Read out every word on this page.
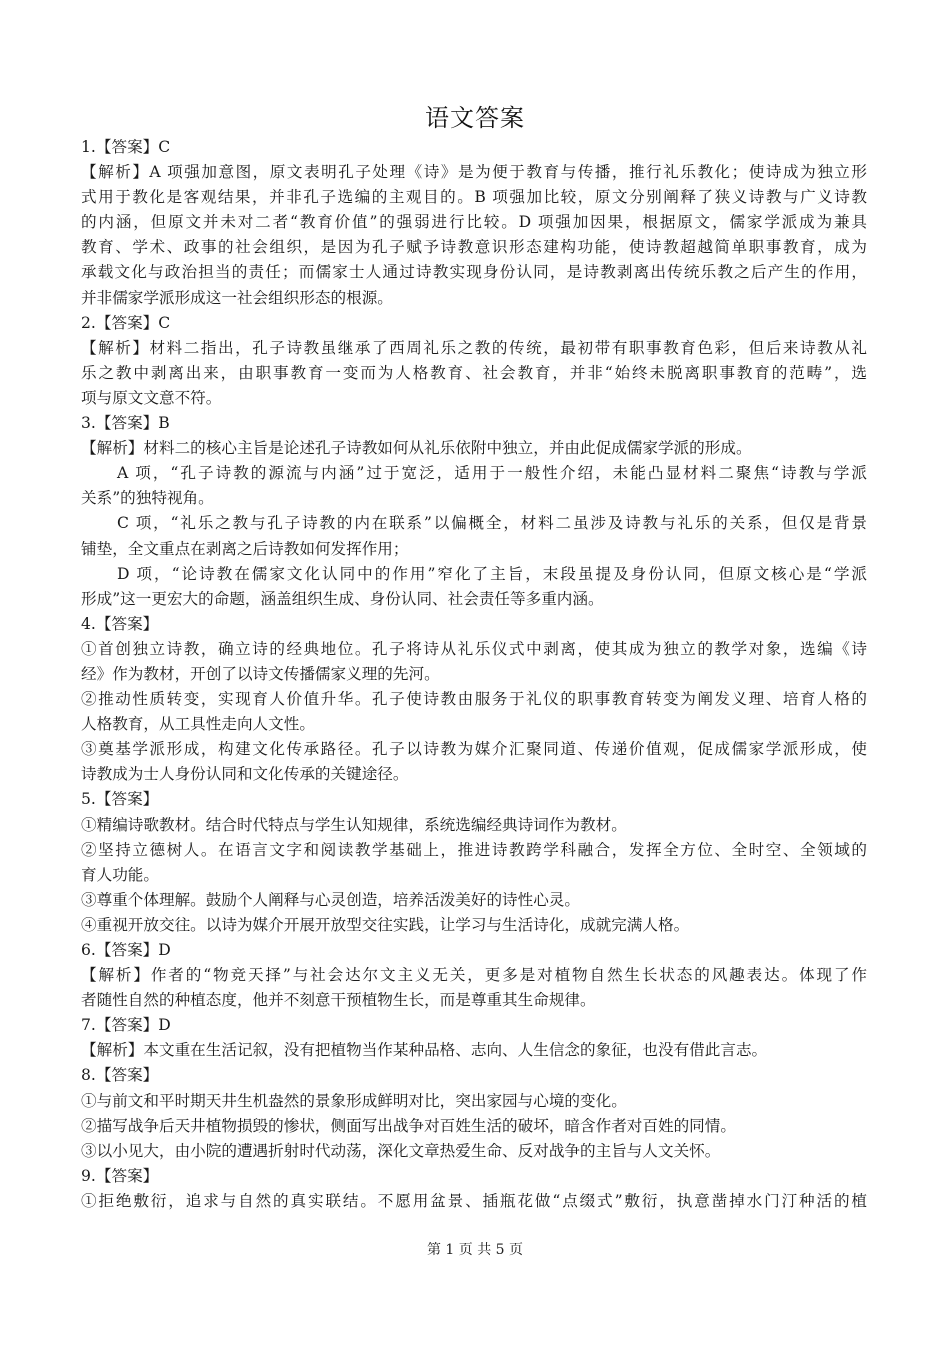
语文答案
1.【答案】C
【解析】A 项强加意图，原文表明孔子处理《诗》是为便于教育与传播，推行礼乐教化；使诗成为独立形
式用于教化是客观结果，并非孔子选编的主观目的。B 项强加比较，原文分别阐释了狭义诗教与广义诗教
的内涵，但原文并未对二者“教育价值”的强弱进行比较。D 项强加因果，根据原文，儒家学派成为兼具
教育、学术、政事的社会组织，是因为孔子赋予诗教意识形态建构功能，使诗教超越简单职事教育，成为
承载文化与政治担当的责任；而儒家士人通过诗教实现身份认同，是诗教剥离出传统乐教之后产生的作用，
并非儒家学派形成这一社会组织形态的根源。
2.【答案】C
【解析】材料二指出，孔子诗教虽继承了西周礼乐之教的传统，最初带有职事教育色彩，但后来诗教从礼
乐之教中剥离出来，由职事教育一变而为人格教育、社会教育，并非“始终未脱离职事教育的范畴”，选
项与原文文意不符。
3.【答案】B
【解析】材料二的核心主旨是论述孔子诗教如何从礼乐依附中独立，并由此促成儒家学派的形成。
A 项，“孔子诗教的源流与内涵”过于宽泛，适用于一般性介绍，未能凸显材料二聚焦“诗教与学派
关系”的独特视角。
C 项，“礼乐之教与孔子诗教的内在联系”以偏概全，材料二虽涉及诗教与礼乐的关系，但仅是背景
铺垫，全文重点在剥离之后诗教如何发挥作用；
D 项，“论诗教在儒家文化认同中的作用”窄化了主旨，末段虽提及身份认同，但原文核心是“学派
形成”这一更宏大的命题，涵盖组织生成、身份认同、社会责任等多重内涵。
4.【答案】
①首创独立诗教，确立诗的经典地位。孔子将诗从礼乐仪式中剥离，使其成为独立的教学对象，选编《诗
经》作为教材，开创了以诗文传播儒家义理的先河。
②推动性质转变，实现育人价值升华。孔子使诗教由服务于礼仪的职事教育转变为阐发义理、培育人格的
人格教育，从工具性走向人文性。
③奠基学派形成，构建文化传承路径。孔子以诗教为媒介汇聚同道、传递价值观，促成儒家学派形成，使
诗教成为士人身份认同和文化传承的关键途径。
5.【答案】
①精编诗歌教材。结合时代特点与学生认知规律，系统选编经典诗词作为教材。
②坚持立德树人。在语言文字和阅读教学基础上，推进诗教跨学科融合，发挥全方位、全时空、全领域的
育人功能。
③尊重个体理解。鼓励个人阐释与心灵创造，培养活泼美好的诗性心灵。
④重视开放交往。以诗为媒介开展开放型交往实践，让学习与生活诗化，成就完满人格。
6.【答案】D
【解析】作者的“物竞天择”与社会达尔文主义无关，更多是对植物自然生长状态的风趣表达。体现了作
者随性自然的种植态度，他并不刻意干预植物生长，而是尊重其生命规律。
7.【答案】D
【解析】本文重在生活记叙，没有把植物当作某种品格、志向、人生信念的象征，也没有借此言志。
8.【答案】
①与前文和平时期天井生机盎然的景象形成鲜明对比，突出家园与心境的变化。
②描写战争后天井植物损毁的惨状，侧面写出战争对百姓生活的破坏，暗含作者对百姓的同情。
③以小见大，由小院的遭遇折射时代动荡，深化文章热爱生命、反对战争的主旨与人文关怀。
9.【答案】
①拒绝敷衍，追求与自然的真实联结。不愿用盆景、插瓶花做“点缀式”敷衍，执意凿掉水门汀种活的植
第 1 页 共 5 页
